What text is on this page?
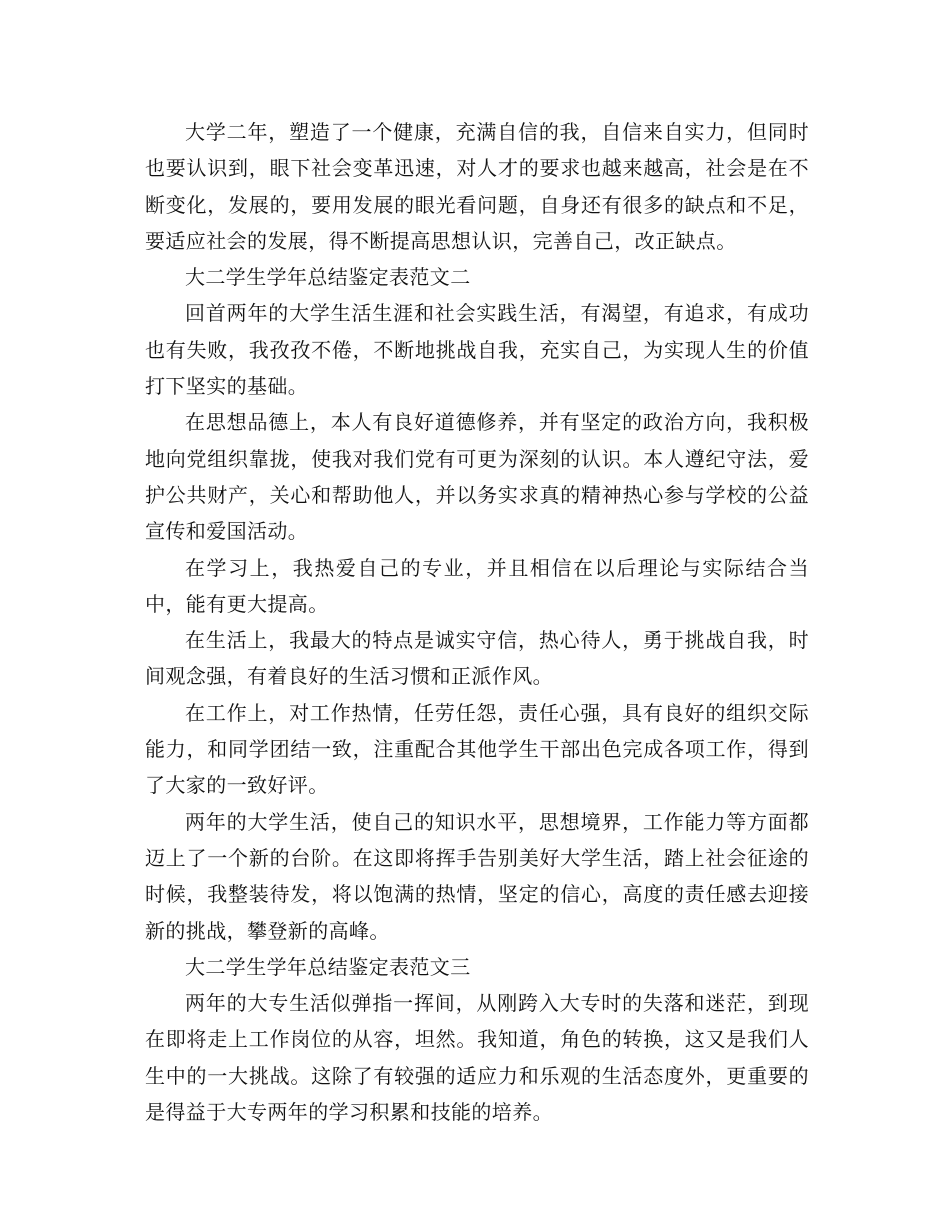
大学二年，塑造了一个健康，充满自信的我，自信来自实力，但同时也要认识到，眼下社会变革迅速，对人才的要求也越来越高，社会是在不断变化，发展的，要用发展的眼光看问题，自身还有很多的缺点和不足，要适应社会的发展，得不断提高思想认识，完善自己，改正缺点。

大二学生学年总结鉴定表范文二

回首两年的大学生活生涯和社会实践生活，有渴望，有追求，有成功也有失败，我孜孜不倦，不断地挑战自我，充实自己，为实现人生的价值打下坚实的基础。

在思想品德上，本人有良好道德修养，并有坚定的政治方向，我积极地向党组织靠拢，使我对我们党有可更为深刻的认识。本人遵纪守法，爱护公共财产，关心和帮助他人，并以务实求真的精神热心参与学校的公益宣传和爱国活动。

在学习上，我热爱自己的专业，并且相信在以后理论与实际结合当中，能有更大提高。

在生活上，我最大的特点是诚实守信，热心待人，勇于挑战自我，时间观念强，有着良好的生活习惯和正派作风。

在工作上，对工作热情，任劳任怨，责任心强，具有良好的组织交际能力，和同学团结一致，注重配合其他学生干部出色完成各项工作，得到了大家的一致好评。

两年的大学生活，使自己的知识水平，思想境界，工作能力等方面都迈上了一个新的台阶。在这即将挥手告别美好大学生活，踏上社会征途的时候，我整装待发，将以饱满的热情，坚定的信心，高度的责任感去迎接新的挑战，攀登新的高峰。

大二学生学年总结鉴定表范文三

两年的大专生活似弹指一挥间，从刚跨入大专时的失落和迷茫，到现在即将走上工作岗位的从容，坦然。我知道，角色的转换，这又是我们人生中的一大挑战。这除了有较强的适应力和乐观的生活态度外，更重要的是得益于大专两年的学习积累和技能的培养。
